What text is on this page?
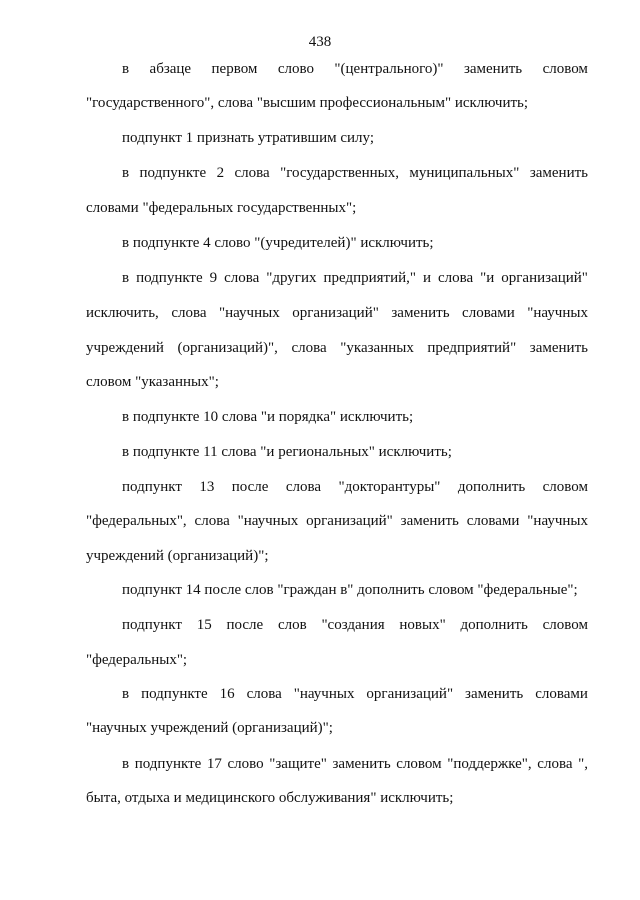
438
в абзаце первом слово "(центрального)" заменить словом
"государственного", слова "высшим профессиональным" исключить;
подпункт 1 признать утратившим силу;
в подпункте 2 слова "государственных, муниципальных" заменить
словами "федеральных государственных";
в подпункте 4 слово "(учредителей)" исключить;
в подпункте 9 слова "других предприятий," и слова "и организаций"
исключить, слова "научных организаций" заменить словами "научных
учреждений (организаций)", слова "указанных предприятий" заменить
словом "указанных";
в подпункте 10 слова "и порядка" исключить;
в подпункте 11 слова "и региональных" исключить;
подпункт 13 после слова "докторантуры" дополнить словом
"федеральных", слова "научных организаций" заменить словами "научных
учреждений (организаций)";
подпункт 14 после слов "граждан в" дополнить словом "федеральные";
подпункт 15 после слов "создания новых" дополнить словом
"федеральных";
в подпункте 16 слова "научных организаций" заменить словами
"научных учреждений (организаций)";
в подпункте 17 слово "защите" заменить словом "поддержке", слова ",
быта, отдыха и медицинского обслуживания" исключить;
